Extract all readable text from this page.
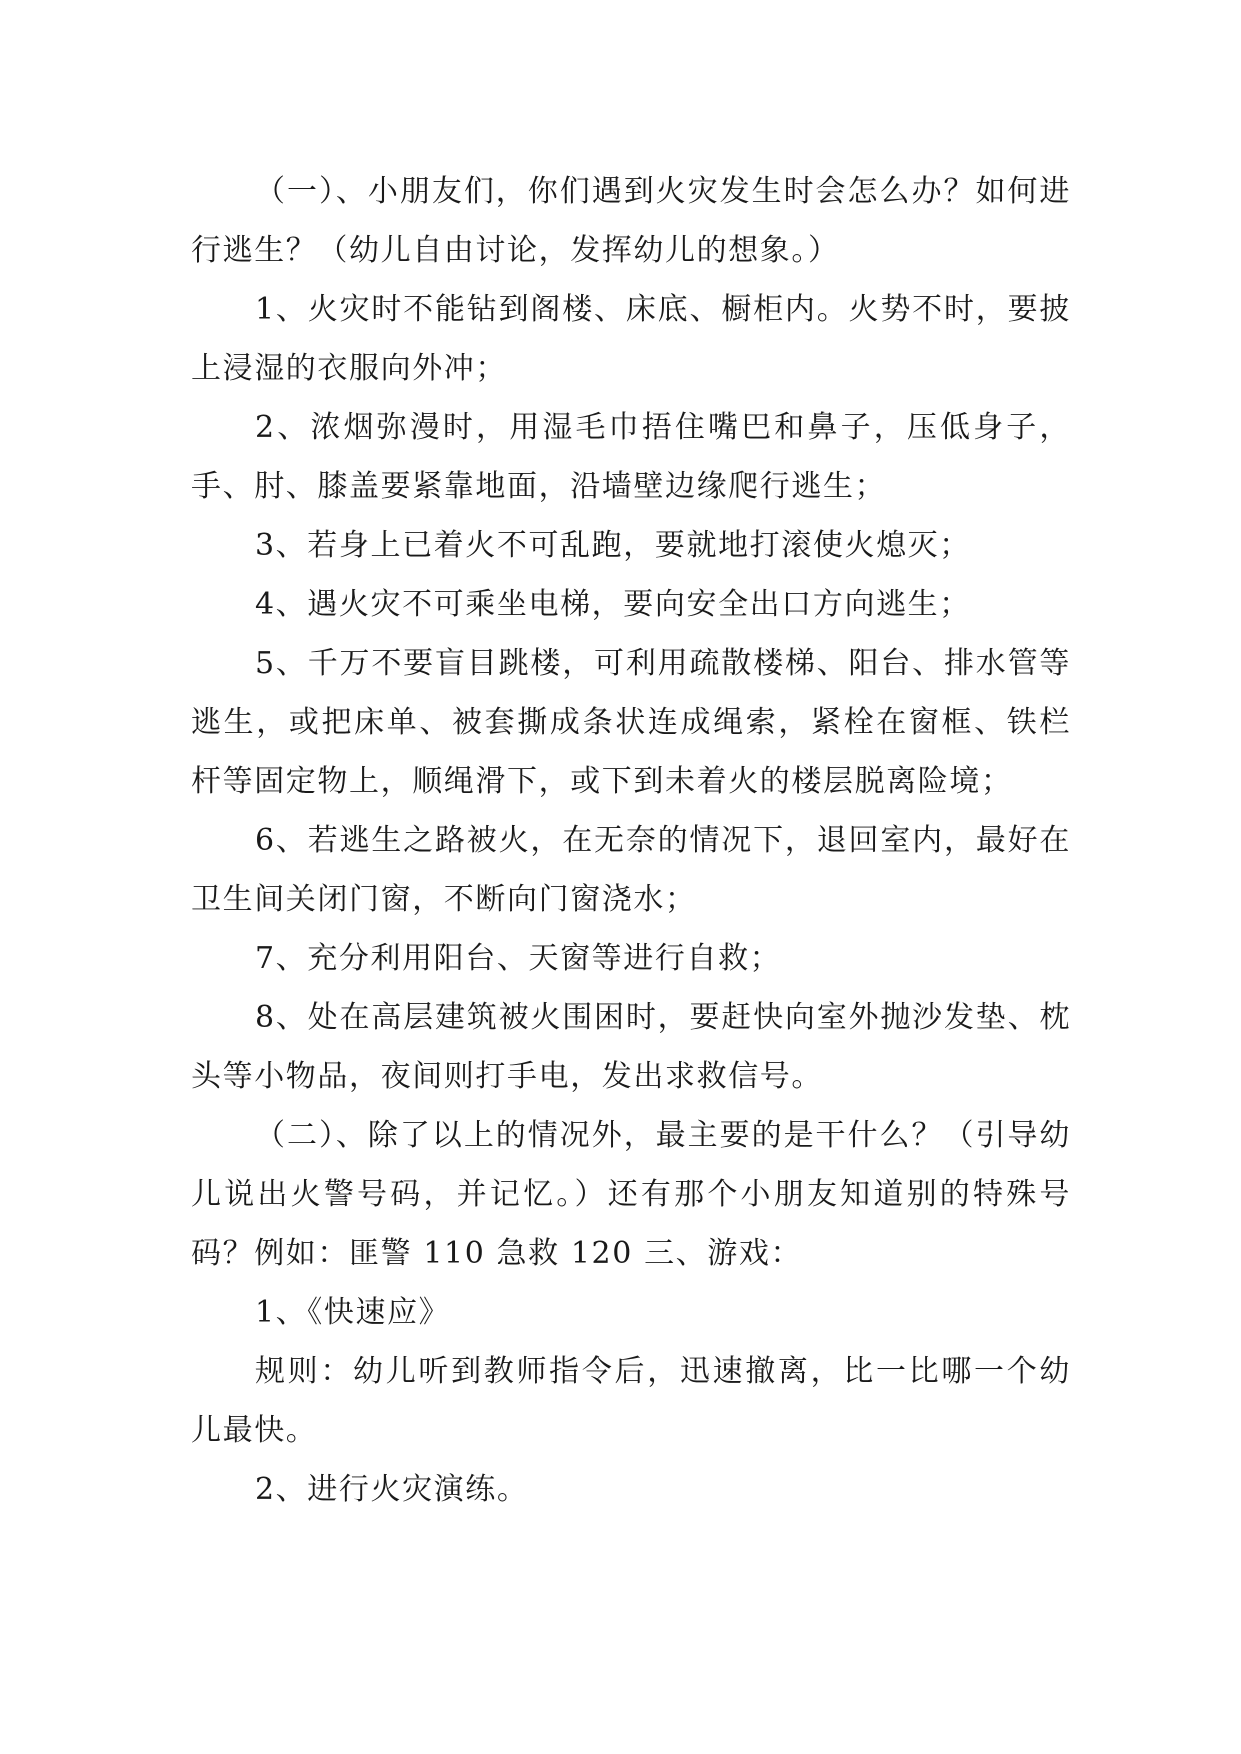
（一）、小朋友们，你们遇到火灾发生时会怎么办？如何进行逃生？（幼儿自由讨论，发挥幼儿的想象。）

1、火灾时不能钻到阁楼、床底、橱柜内。火势不时，要披上浸湿的衣服向外冲；

2、浓烟弥漫时，用湿毛巾捂住嘴巴和鼻子，压低身子，手、肘、膝盖要紧靠地面，沿墙壁边缘爬行逃生；

3、若身上已着火不可乱跑，要就地打滚使火熄灭；

4、遇火灾不可乘坐电梯，要向安全出口方向逃生；

5、千万不要盲目跳楼，可利用疏散楼梯、阳台、排水管等逃生，或把床单、被套撕成条状连成绳索，紧栓在窗框、铁栏杆等固定物上，顺绳滑下，或下到未着火的楼层脱离险境；

6、若逃生之路被火，在无奈的情况下，退回室内，最好在卫生间关闭门窗，不断向门窗浇水；

7、充分利用阳台、天窗等进行自救；

8、处在高层建筑被火围困时，要赶快向室外抛沙发垫、枕头等小物品，夜间则打手电，发出求救信号。

（二）、除了以上的情况外，最主要的是干什么？（引导幼儿说出火警号码，并记忆。）还有那个小朋友知道别的特殊号码？例如：匪警 110 急救 120 三、游戏：

1、《快速应》

规则：幼儿听到教师指令后，迅速撤离，比一比哪一个幼儿最快。

2、进行火灾演练。
